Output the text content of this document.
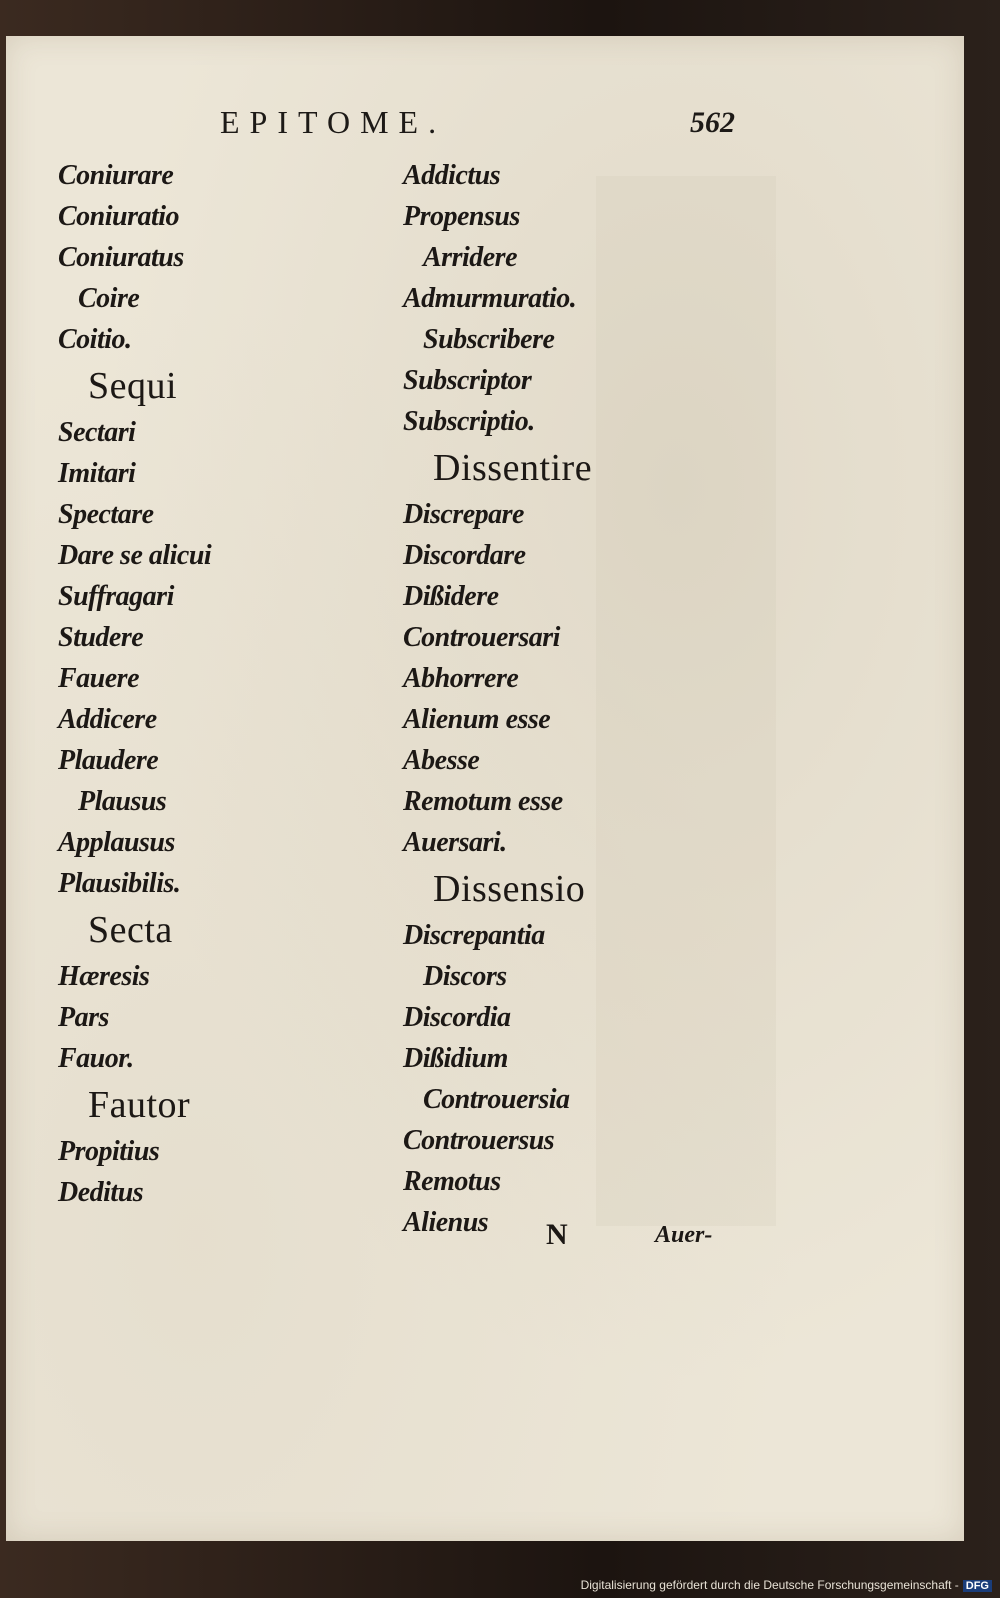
EPITOME.	562
Coniurare
Coniuratio
Coniuratus
Coire
Coitio.
Sequi
Sectari
Imitari
Spectare
Dare se alicui
Suffragari
Studere
Fauere
Addicere
Plaudere
Plausus
Applausus
Plausibilis.
Secta
Hæresis
Pars
Fauor.
Fautor
Propitius
Deditus
Addictus
Propensus
Arridere
Admurmuratio.
Subscribere
Subscriptor
Subscriptio.
Dissentire
Discrepare
Discordare
Dißidere
Controuersari
Abhorrere
Alienum esse
Abesse
Remotum esse
Auersari.
Dissensio
Discrepantia
Discors
Discordia
Dißidium
Controuersia
Controuersus
Remotus
Alienus	N	Auer-
Digitalisierung gefördert durch die Deutsche Forschungsgemeinschaft - DFG
